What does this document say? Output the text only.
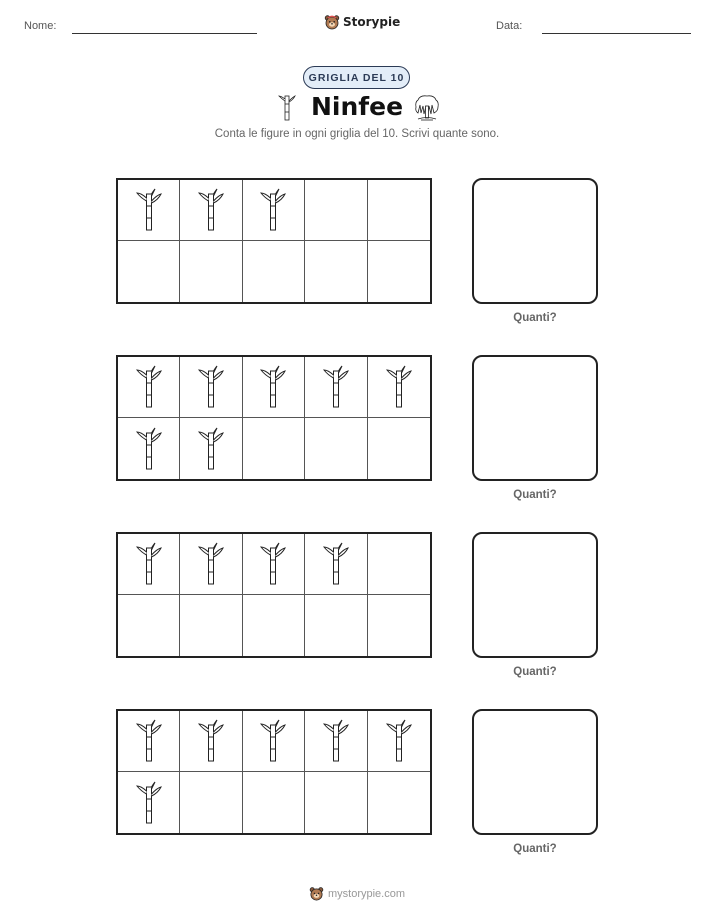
Nome:	Storypie	Data:
GRIGLIA DEL 10
Ninfee
Conta le figure in ogni griglia del 10. Scrivi quante sono.
Quanti?
Quanti?
Quanti?
Quanti?
mystorypie.com
